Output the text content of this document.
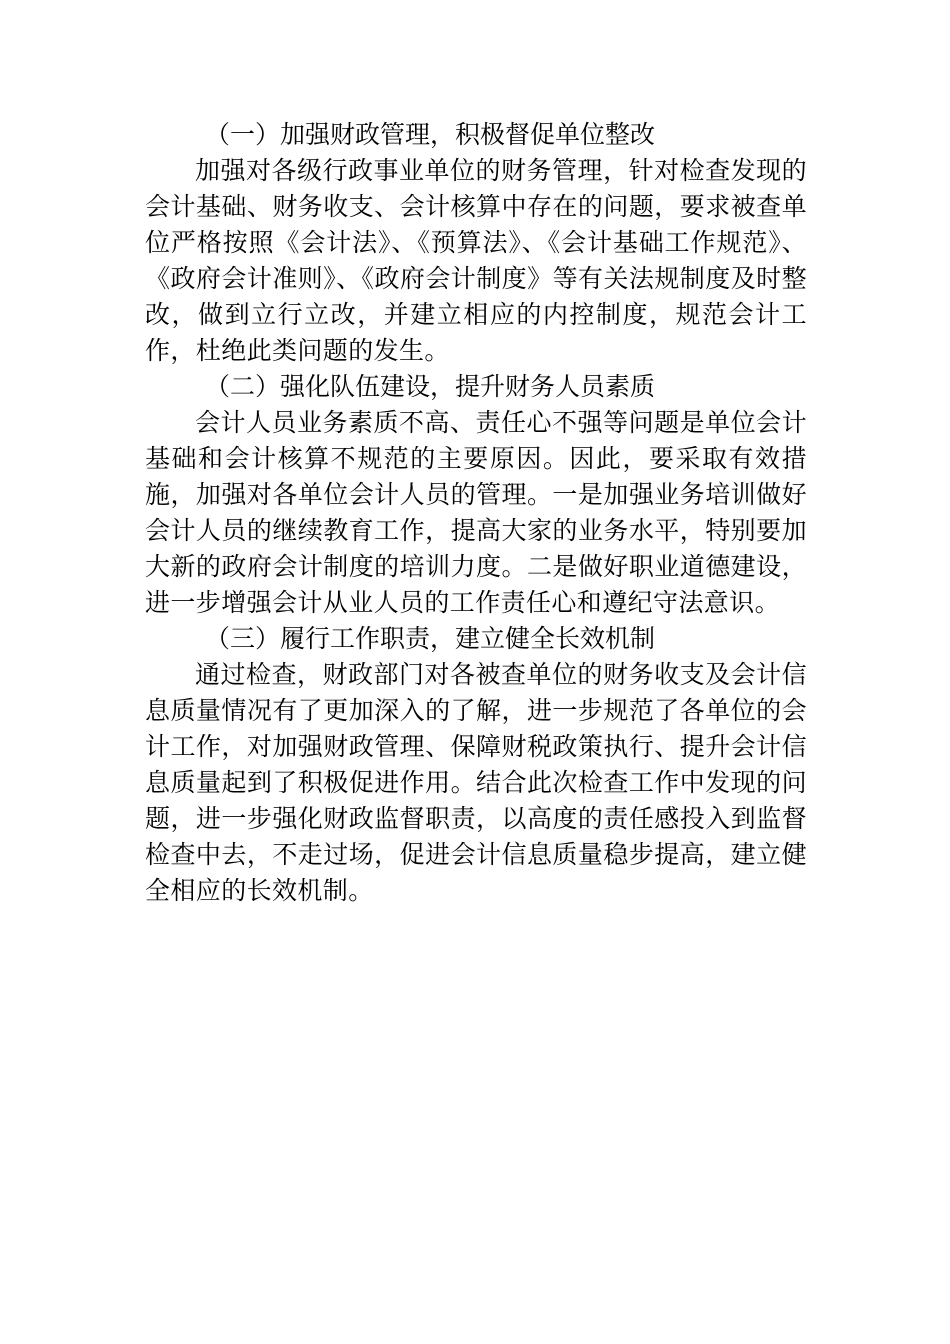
（一）加强财政管理，积极督促单位整改

加强对各级行政事业单位的财务管理，针对检查发现的会计基础、财务收支、会计核算中存在的问题，要求被查单位严格按照《会计法》、《预算法》、《会计基础工作规范》、《政府会计准则》、《政府会计制度》等有关法规制度及时整改，做到立行立改，并建立相应的内控制度，规范会计工作，杜绝此类问题的发生。

（二）强化队伍建设，提升财务人员素质

会计人员业务素质不高、责任心不强等问题是单位会计基础和会计核算不规范的主要原因。因此，要采取有效措施，加强对各单位会计人员的管理。一是加强业务培训做好会计人员的继续教育工作，提高大家的业务水平，特别要加大新的政府会计制度的培训力度。二是做好职业道德建设，进一步增强会计从业人员的工作责任心和遵纪守法意识。

（三）履行工作职责，建立健全长效机制

通过检查，财政部门对各被查单位的财务收支及会计信息质量情况有了更加深入的了解，进一步规范了各单位的会计工作，对加强财政管理、保障财税政策执行、提升会计信息质量起到了积极促进作用。结合此次检查工作中发现的问题，进一步强化财政监督职责，以高度的责任感投入到监督检查中去，不走过场，促进会计信息质量稳步提高，建立健全相应的长效机制。
